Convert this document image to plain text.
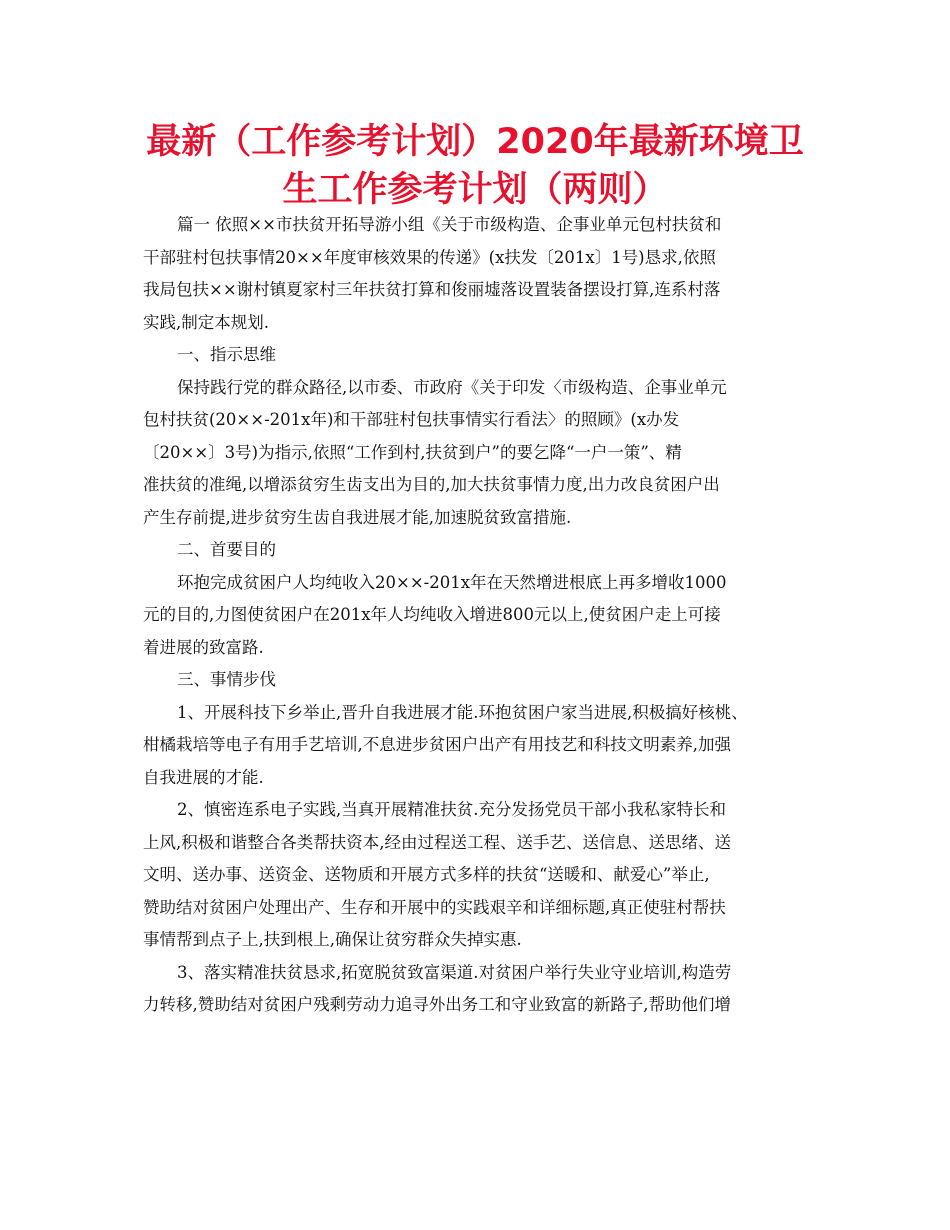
最新（工作参考计划）2020年最新环境卫
生工作参考计划（两则）
篇一 依照××市扶贫开拓导游小组《关于市级构造、企事业单元包村扶贫和
干部驻村包扶事情20××年度审核效果的传递》(x扶发〔201x〕1号)恳求,依照
我局包扶××谢村镇夏家村三年扶贫打算和俊丽墟落设置装备摆设打算,连系村落
实践,制定本规划.
一、指示思维
保持践行党的群众路径,以市委、市政府《关于印发〈市级构造、企事业单元
包村扶贫(20××-201x年)和干部驻村包扶事情实行看法〉的照顾》(x办发
〔20××〕3号)为指示,依照“工作到村,扶贫到户”的要乞降“一户一策”、精
准扶贫的准绳,以增添贫穷生齿支出为目的,加大扶贫事情力度,出力改良贫困户出
产生存前提,进步贫穷生齿自我进展才能,加速脱贫致富措施.
二、首要目的
环抱完成贫困户人均纯收入20××-201x年在天然增进根底上再多增收1000
元的目的,力图使贫困户在201x年人均纯收入增进800元以上,使贫困户走上可接
着进展的致富路.
三、事情步伐
1、开展科技下乡举止,晋升自我进展才能.环抱贫困户家当进展,积极搞好核桃、
柑橘栽培等电子有用手艺培训,不息进步贫困户出产有用技艺和科技文明素养,加强
自我进展的才能.
2、慎密连系电子实践,当真开展精准扶贫.充分发扬党员干部小我私家特长和
上风,积极和谐整合各类帮扶资本,经由过程送工程、送手艺、送信息、送思绪、送
文明、送办事、送资金、送物质和开展方式多样的扶贫“送暖和、献爱心”举止,
赞助结对贫困户处理出产、生存和开展中的实践艰辛和详细标题,真正使驻村帮扶
事情帮到点子上,扶到根上,确保让贫穷群众失掉实惠.
3、落实精准扶贫恳求,拓宽脱贫致富渠道.对贫困户举行失业守业培训,构造劳
力转移,赞助结对贫困户残剩劳动力追寻外出务工和守业致富的新路子,帮助他们增
